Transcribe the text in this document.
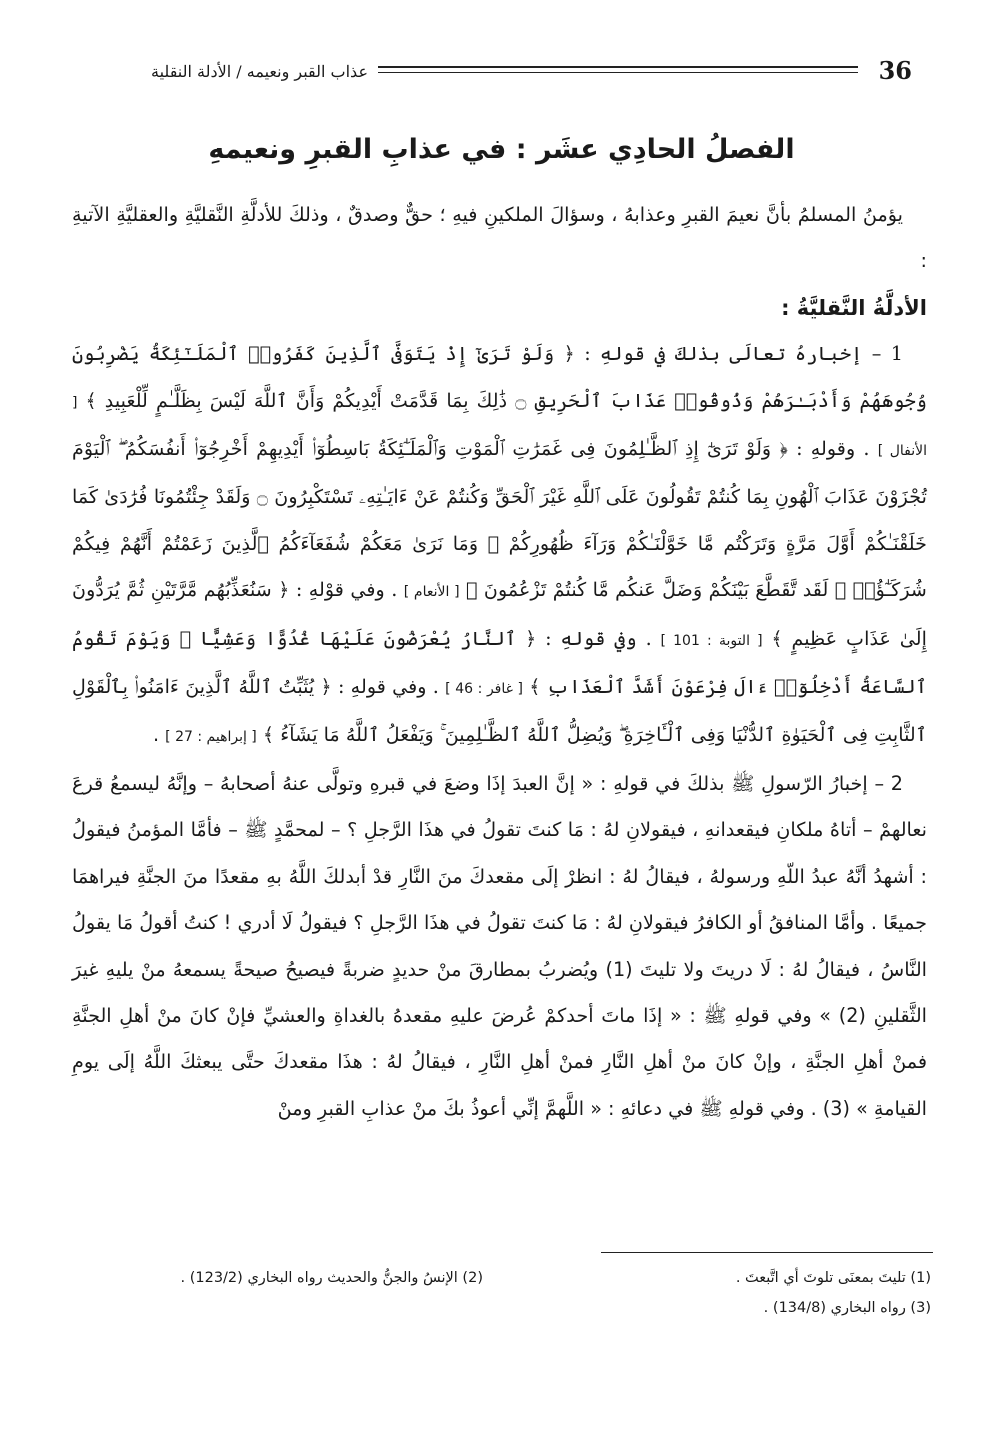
36
عذاب القبر ونعيمه / الأدلة النقلية
الفصلُ الحادِي عشَر : في عذابِ القبرِ ونعيمهِ

يؤمنُ المسلمُ بأنَّ نعيمَ القبرِ وعذابهُ ، وسؤالَ الملكينِ فيهِ ؛ حقٌّ وصدقٌ ، وذلكَ للأدلَّةِ النَّقليَّةِ والعقليَّةِ الآتيةِ :

الأدلَّةُ النَّقليَّةُ :

1 – إخبارهُ تعالَى بذلكَ في قولهِ : ﴿ وَلَوْ تَرَىٰٓ إِذْ يَتَوَفَّى ٱلَّذِينَ كَفَرُوا۟ ٱلْمَلَـٰٓئِكَةُ يَضْرِبُونَ وُجُوهَهُمْ وَأَدْبَـٰرَهُمْ وَذُوقُوا۟ عَذَابَ ٱلْحَرِيقِ ۝ ذَٰلِكَ بِمَا قَدَّمَتْ أَيْدِيكُمْ وَأَنَّ ٱللَّهَ لَيْسَ بِظَلَّـٰمٍ لِّلْعَبِيدِ ﴾ [ الأنفال ] . وقولهِ : ﴿ وَلَوْ تَرَىٰٓ إِذِ ٱلظَّـٰلِمُونَ فِى غَمَرَٰتِ ٱلْمَوْتِ وَٱلْمَلَـٰٓئِكَةُ بَاسِطُوٓا۟ أَيْدِيهِمْ أَخْرِجُوٓا۟ أَنفُسَكُمُ ۖ ٱلْيَوْمَ تُجْزَوْنَ عَذَابَ ٱلْهُونِ بِمَا كُنتُمْ تَقُولُونَ عَلَى ٱللَّهِ غَيْرَ ٱلْحَقِّ وَكُنتُمْ عَنْ ءَايَـٰتِهِۦ تَسْتَكْبِرُونَ ۝ وَلَقَدْ جِئْتُمُونَا فُرَٰدَىٰ كَمَا خَلَقْنَـٰكُمْ أَوَّلَ مَرَّةٍ وَتَرَكْتُم مَّا خَوَّلْنَـٰكُمْ وَرَآءَ ظُهُورِكُمْ ۖ وَمَا نَرَىٰ مَعَكُمْ شُفَعَآءَكُمُ ٱلَّذِينَ زَعَمْتُمْ أَنَّهُمْ فِيكُمْ شُرَكَـٰٓؤُا۟ ۚ لَقَد تَّقَطَّعَ بَيْنَكُمْ وَضَلَّ عَنكُم مَّا كُنتُمْ تَزْعُمُونَ ﴾ [ الأنعام ] . وفي قوْلهِ : ﴿ سَنُعَذِّبُهُم مَّرَّتَيْنِ ثُمَّ يُرَدُّونَ إِلَىٰ عَذَابٍ عَظِيمٍ ﴾ [ التوبة : 101 ] . وفي قولهِ : ﴿ ٱلنَّارُ يُعْرَضُونَ عَلَيْهَا غُدُوًّا وَعَشِيًّا ۖ وَيَوْمَ تَقُومُ ٱلسَّاعَةُ أَدْخِلُوٓا۟ ءَالَ فِرْعَوْنَ أَشَدَّ ٱلْعَذَابِ ﴾ [ غافر : 46 ] . وفي قولهِ : ﴿ يُثَبِّتُ ٱللَّهُ ٱلَّذِينَ ءَامَنُوا۟ بِٱلْقَوْلِ ٱلثَّابِتِ فِى ٱلْحَيَوٰةِ ٱلدُّنْيَا وَفِى ٱلْـَٔاخِرَةِ ۖ وَيُضِلُّ ٱللَّهُ ٱلظَّـٰلِمِينَ ۚ وَيَفْعَلُ ٱللَّهُ مَا يَشَآءُ ﴾ [ إبراهيم : 27 ] .

2 – إخبارُ الرّسولِ ﷺ بذلكَ في قولهِ : « إنَّ العبدَ إذَا وضعَ في قبرهِ وتولَّى عنهُ أصحابهُ – وإنَّهُ ليسمعُ قرعَ نعالهمْ – أتاهُ ملكانِ فيقعدانهِ ، فيقولانِ لهُ : مَا كنتَ تقولُ في هذَا الرَّجلِ ؟ – لمحمَّدٍ ﷺ – فأمَّا المؤمنُ فيقولُ : أشهدُ أنَّهُ عبدُ اللّهِ ورسولهُ ، فيقالُ لهُ : انظرْ إلَى مقعدكَ منَ النَّارِ قدْ أبدلكَ اللَّهُ بهِ مقعدًا منَ الجنَّةِ فيراهمَا جميعًا . وأمَّا المنافقُ أو الكافرُ فيقولانِ لهُ : مَا كنتَ تقولُ في هذَا الرَّجلِ ؟ فيقولُ لَا أدري ! كنتُ أقولُ مَا يقولُ النَّاسُ ، فيقالُ لهُ : لَا دريتَ ولا تليتَ (1) ويُضربُ بمطارقَ منْ حديدٍ ضربةً فيصيحُ صيحةً يسمعهُ منْ يليهِ غيرَ الثَّقلينِ (2) » وفي قولهِ ﷺ : « إذَا ماتَ أحدكمْ عُرضَ عليهِ مقعدهُ بالغداةِ والعشيِّ فإنْ كانَ منْ أهلِ الجنَّةِ فمنْ أهلِ الجنَّةِ ، وإنْ كانَ منْ أهلِ النَّارِ فمنْ أهلِ النَّارِ ، فيقالُ لهُ : هذَا مقعدكَ حتَّى يبعثكَ اللَّهُ إلَى يومِ القيامةِ » (3) . وفي قولهِ ﷺ في دعائهِ : « اللَّهمَّ إنِّي أعوذُ بكَ منْ عذابِ القبرِ ومنْ

(1) تليتَ بمعنَى تلوتَ أي اتَّبعتَ .
(2) الإنسُ والجنُّ والحديث رواه البخاري (123/2) .
(3) رواه البخاري (134/8) .
